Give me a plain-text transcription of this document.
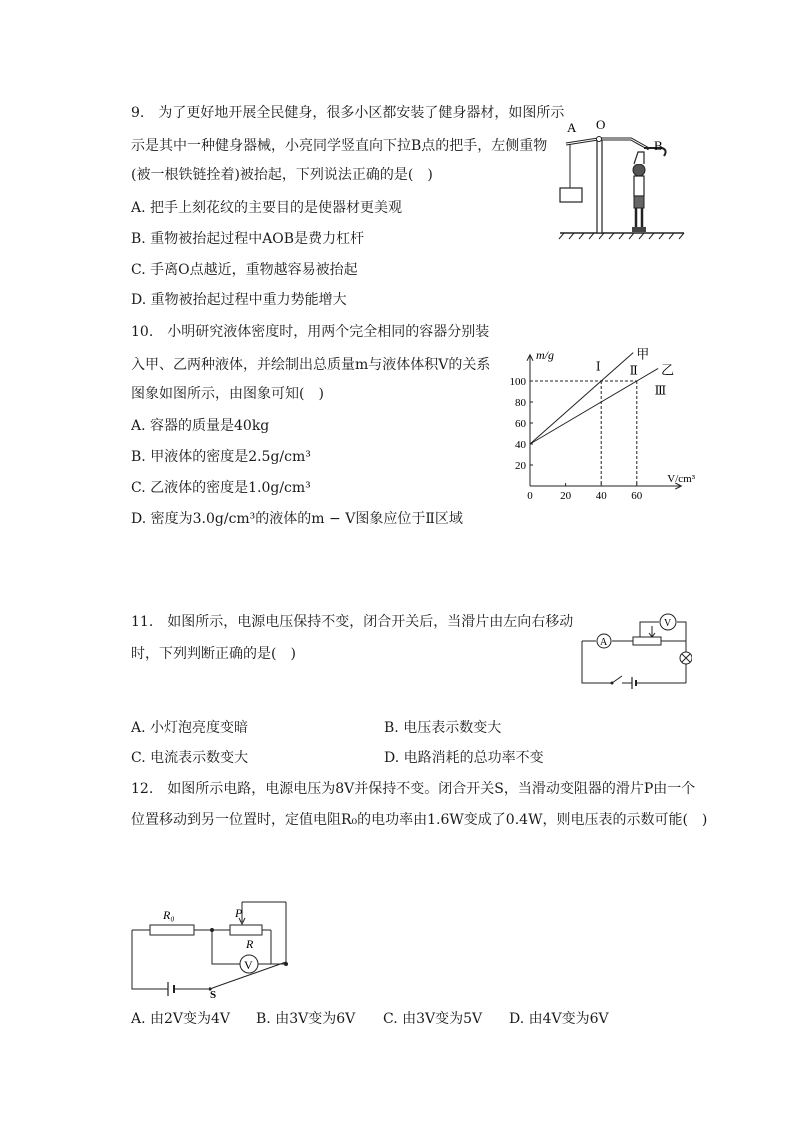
9.　为了更好地开展全民健身，很多小区都安装了健身器材，如图所示
示是其中一种健身器械，小亮同学竖直向下拉B点的把手，左侧重物
(被一根铁链拴着)被抬起，下列说法正确的是(　)
A. 把手上刻花纹的主要目的是使器材更美观
B. 重物被抬起过程中AOB是费力杠杆
C. 手离O点越近，重物越容易被抬起
D. 重物被抬起过程中重力势能增大
A O
B
10.　小明研究液体密度时，用两个完全相同的容器分别装
入甲、乙两种液体，并绘制出总质量m与液体体积V的关系
图象如图所示，由图象可知(　)
A. 容器的质量是40kg
B. 甲液体的密度是2.5g/cm³
C. 乙液体的密度是1.0g/cm³
D. 密度为3.0g/cm³的液体的m − V图象应位于Ⅱ区域
m/g
V/cm³
0 20 40 60
20
40
60
80
100
甲
乙
Ⅰ Ⅱ
Ⅲ
11.　如图所示，电源电压保持不变，闭合开关后，当滑片由左向右移动
时，下列判断正确的是(　)
A. 小灯泡亮度变暗	B. 电压表示数变大
C. 电流表示数变大	D. 电路消耗的总功率不变
A
V
12.　如图所示电路，电源电压为8V并保持不变。闭合开关S，当滑动变阻器的滑片P由一个
位置移动到另一位置时，定值电阻R₀的电功率由1.6W变成了0.4W，则电压表的示数可能(　)
V
R₀	P
R
S
A. 由2V变为4V B. 由3V变为6V C. 由3V变为5V D. 由4V变为6V
